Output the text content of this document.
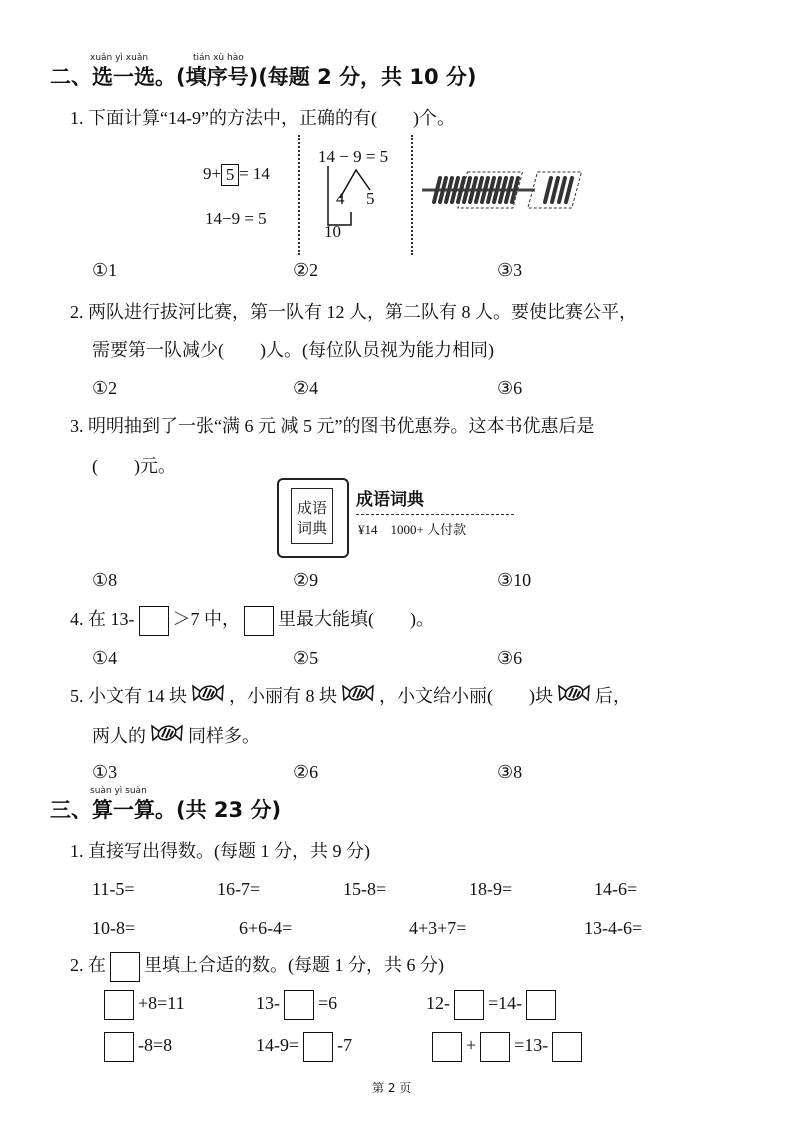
xuǎn yì xuǎn	tián xù hào
二、选一选。(填序号)(每题 2 分，共 10 分)
1. 下面计算“14-9”的方法中，正确的有(　　)个。
9+ 5 = 14
14−9 = 5
14 − 9 = 5
4 5
10
①1	②2	③3
2. 两队进行拔河比赛，第一队有 12 人，第二队有 8 人。要使比赛公平，
需要第一队减少(　　)人。(每位队员视为能力相同)
①2	②4	③6
3. 明明抽到了一张“满 6 元 减 5 元”的图书优惠券。这本书优惠后是
(　　)元。
成语词典
成语词典
¥14　1000+ 人付款
①8	②9	③10
4. 在 13- ＞7 中， 里最大能填(　　)。
①4	②5	③6
5. 小文有 14 块 ，小丽有 8 块 ，小文给小丽(　　)块 后，
两人的 同样多。
①3	②6	③8
suàn yì suàn
三、算一算。(共 23 分)
1. 直接写出得数。(每题 1 分，共 9 分)
11-5=	16-7=	15-8=	18-9=	14-6=
10-8=	6+6-4=	4+3+7=	13-4-6=
2. 在 里填上合适的数。(每题 1 分，共 6 分)
+8=11	13- =6	12- =14-
-8=8	14-9= -7	+ =13-
第 2 页
